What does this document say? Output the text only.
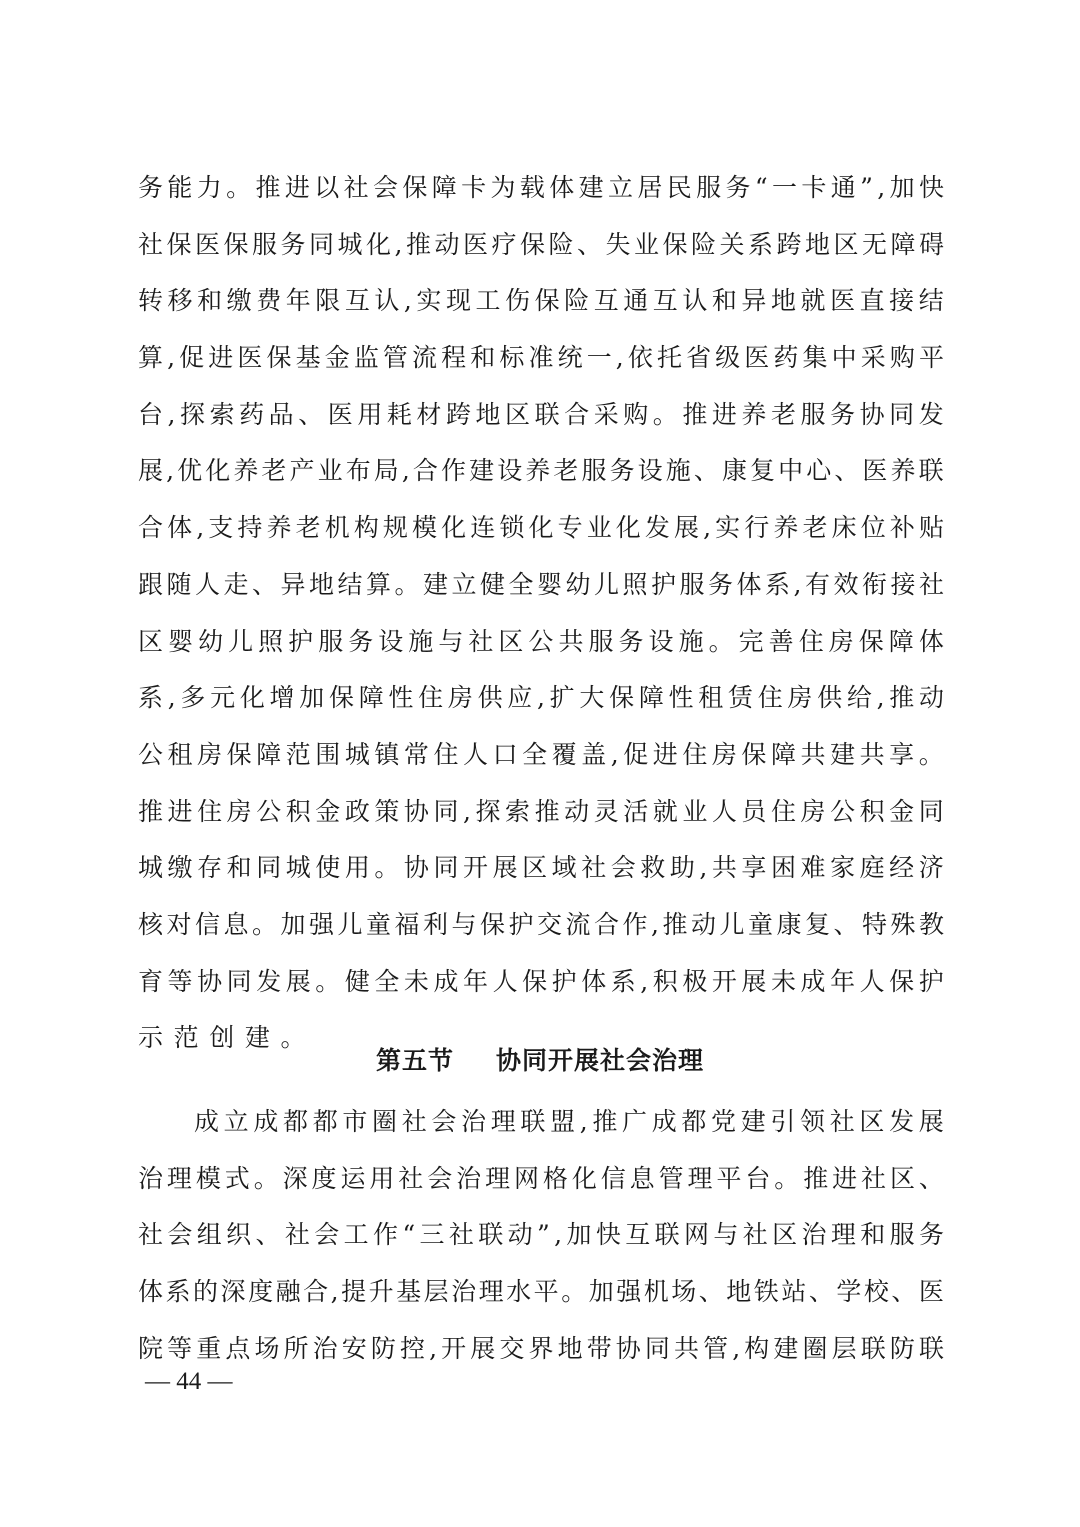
务 能 力 。 推 进 以 社 会 保 障 卡 为 载 体 建 立 居 民 服 务 “ 一 卡 通 ” , 加 快
社 保 医 保 服 务 同 城 化 , 推 动 医 疗 保 险 、 失 业 保 险 关 系 跨 地 区 无 障 碍
转 移 和 缴 费 年 限 互 认 , 实 现 工 伤 保 险 互 通 互 认 和 异 地 就 医 直 接 结
算 , 促 进 医 保 基 金 监 管 流 程 和 标 准 统 一 , 依 托 省 级 医 药 集 中 采 购 平
台 , 探 索 药 品 、 医 用 耗 材 跨 地 区 联 合 采 购 。 推 进 养 老 服 务 协 同 发
展 , 优 化 养 老 产 业 布 局 , 合 作 建 设 养 老 服 务 设 施 、 康 复 中 心 、 医 养 联
合 体 , 支 持 养 老 机 构 规 模 化 连 锁 化 专 业 化 发 展 , 实 行 养 老 床 位 补 贴
跟 随 人 走 、 异 地 结 算 。 建 立 健 全 婴 幼 儿 照 护 服 务 体 系 , 有 效 衔 接 社
区 婴 幼 儿 照 护 服 务 设 施 与 社 区 公 共 服 务 设 施 。 完 善 住 房 保 障 体
系 , 多 元 化 增 加 保 障 性 住 房 供 应 , 扩 大 保 障 性 租 赁 住 房 供 给 , 推 动
公 租 房 保 障 范 围 城 镇 常 住 人 口 全 覆 盖 , 促 进 住 房 保 障 共 建 共 享 。
推 进 住 房 公 积 金 政 策 协 同 , 探 索 推 动 灵 活 就 业 人 员 住 房 公 积 金 同
城 缴 存 和 同 城 使 用 。 协 同 开 展 区 域 社 会 救 助 , 共 享 困 难 家 庭 经 济
核 对 信 息 。 加 强 儿 童 福 利 与 保 护 交 流 合 作 , 推 动 儿 童 康 复 、 特 殊 教
育 等 协 同 发 展 。 健 全 未 成 年 人 保 护 体 系 , 积 极 开 展 未 成 年 人 保 护
示 范 创 建 。
第五节 协同开展社会治理
成 立 成 都 都 市 圈 社 会 治 理 联 盟 , 推 广 成 都 党 建 引 领 社 区 发 展
治 理 模 式 。 深 度 运 用 社 会 治 理 网 格 化 信 息 管 理 平 台 。 推 进 社 区 、
社 会 组 织 、 社 会 工 作 “ 三 社 联 动 ” , 加 快 互 联 网 与 社 区 治 理 和 服 务
体 系 的 深 度 融 合 , 提 升 基 层 治 理 水 平 。 加 强 机 场 、 地 铁 站 、 学 校 、 医
院 等 重 点 场 所 治 安 防 控 , 开 展 交 界 地 带 协 同 共 管 , 构 建 圈 层 联 防 联
— 44 —
